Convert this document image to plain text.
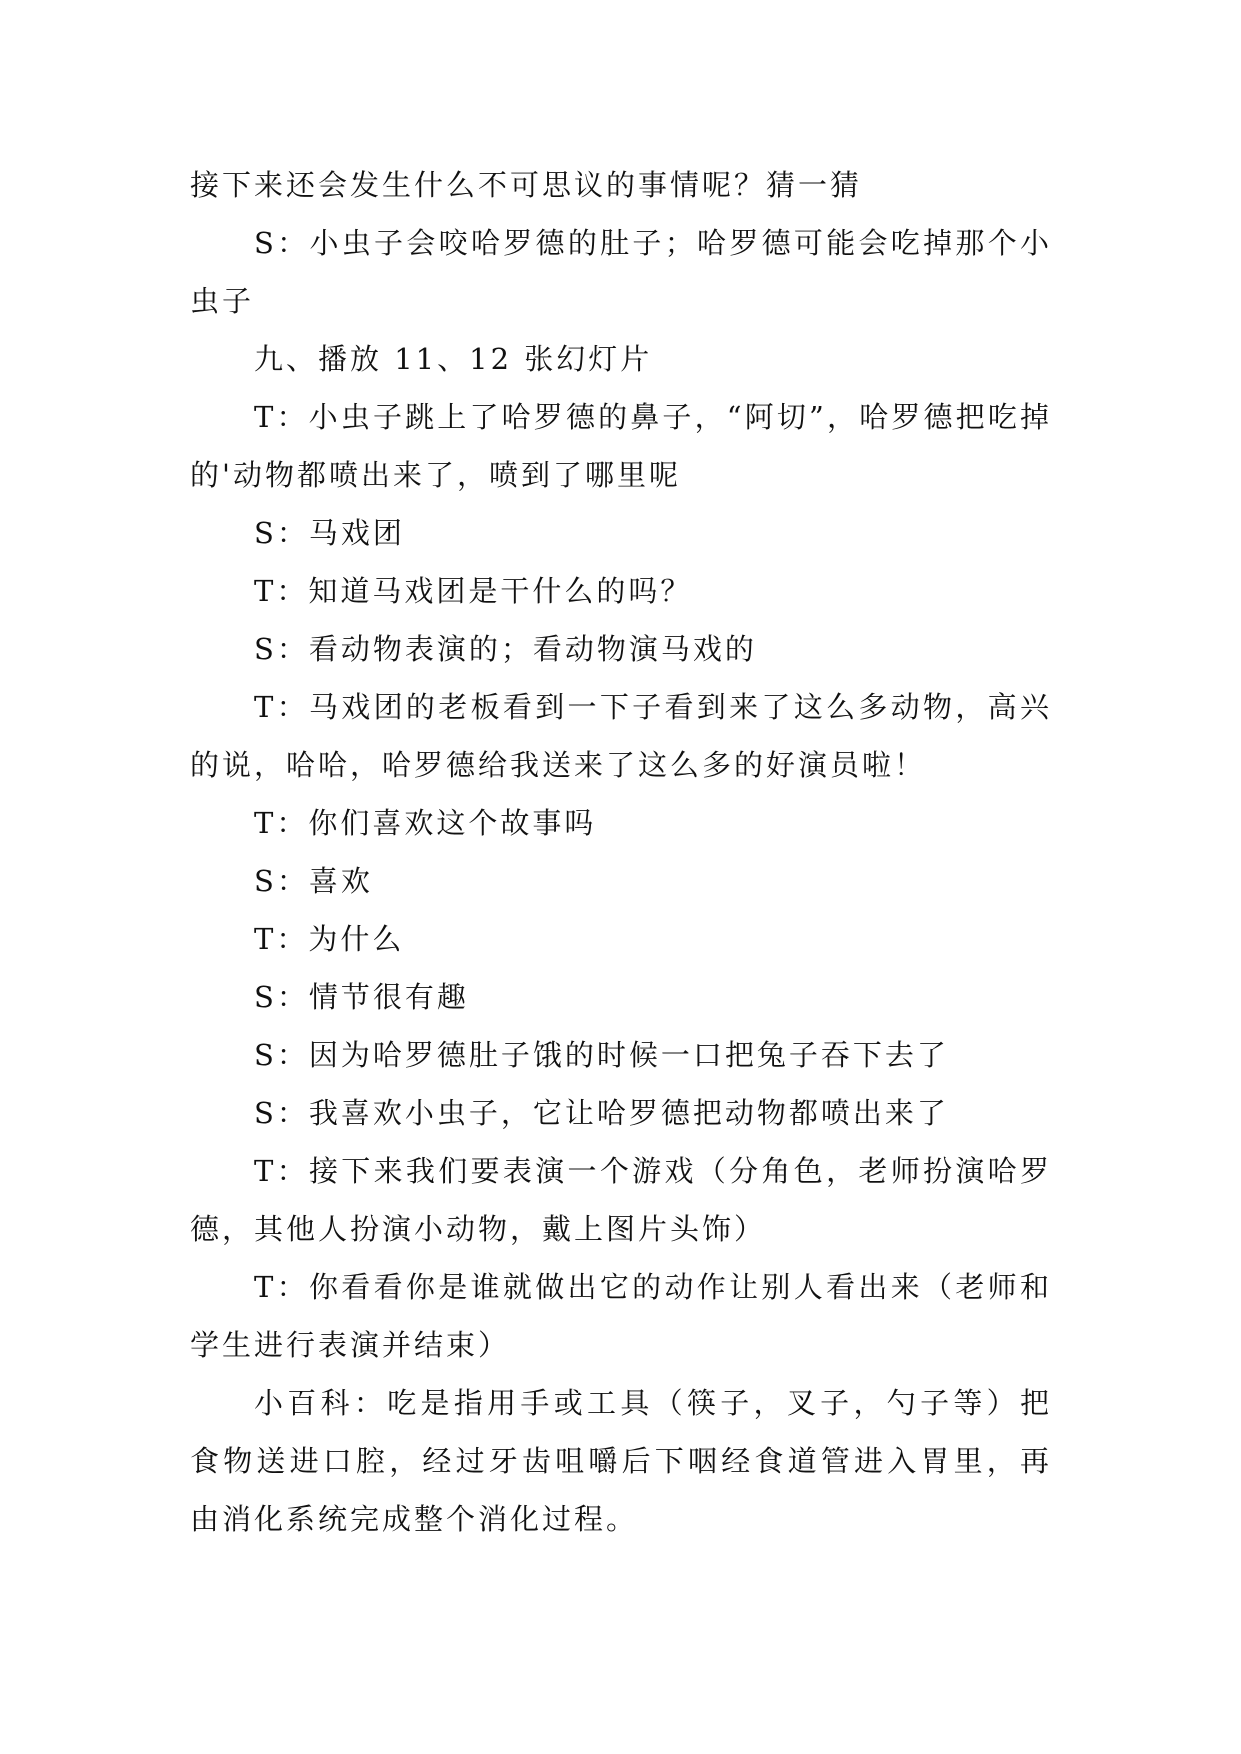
接下来还会发生什么不可思议的事情呢？猜一猜

S：小虫子会咬哈罗德的肚子；哈罗德可能会吃掉那个小虫子

九、播放 11、12 张幻灯片

T：小虫子跳上了哈罗德的鼻子，“阿切”，哈罗德把吃掉的'动物都喷出来了，喷到了哪里呢

S：马戏团

T：知道马戏团是干什么的吗？

S：看动物表演的；看动物演马戏的

T：马戏团的老板看到一下子看到来了这么多动物，高兴的说，哈哈，哈罗德给我送来了这么多的好演员啦！

T：你们喜欢这个故事吗

S：喜欢

T：为什么

S：情节很有趣

S：因为哈罗德肚子饿的时候一口把兔子吞下去了

S：我喜欢小虫子，它让哈罗德把动物都喷出来了

T：接下来我们要表演一个游戏（分角色，老师扮演哈罗德，其他人扮演小动物，戴上图片头饰）

T：你看看你是谁就做出它的动作让别人看出来（老师和学生进行表演并结束）

小百科：吃是指用手或工具（筷子，叉子，勺子等）把食物送进口腔，经过牙齿咀嚼后下咽经食道管进入胃里，再由消化系统完成整个消化过程。
